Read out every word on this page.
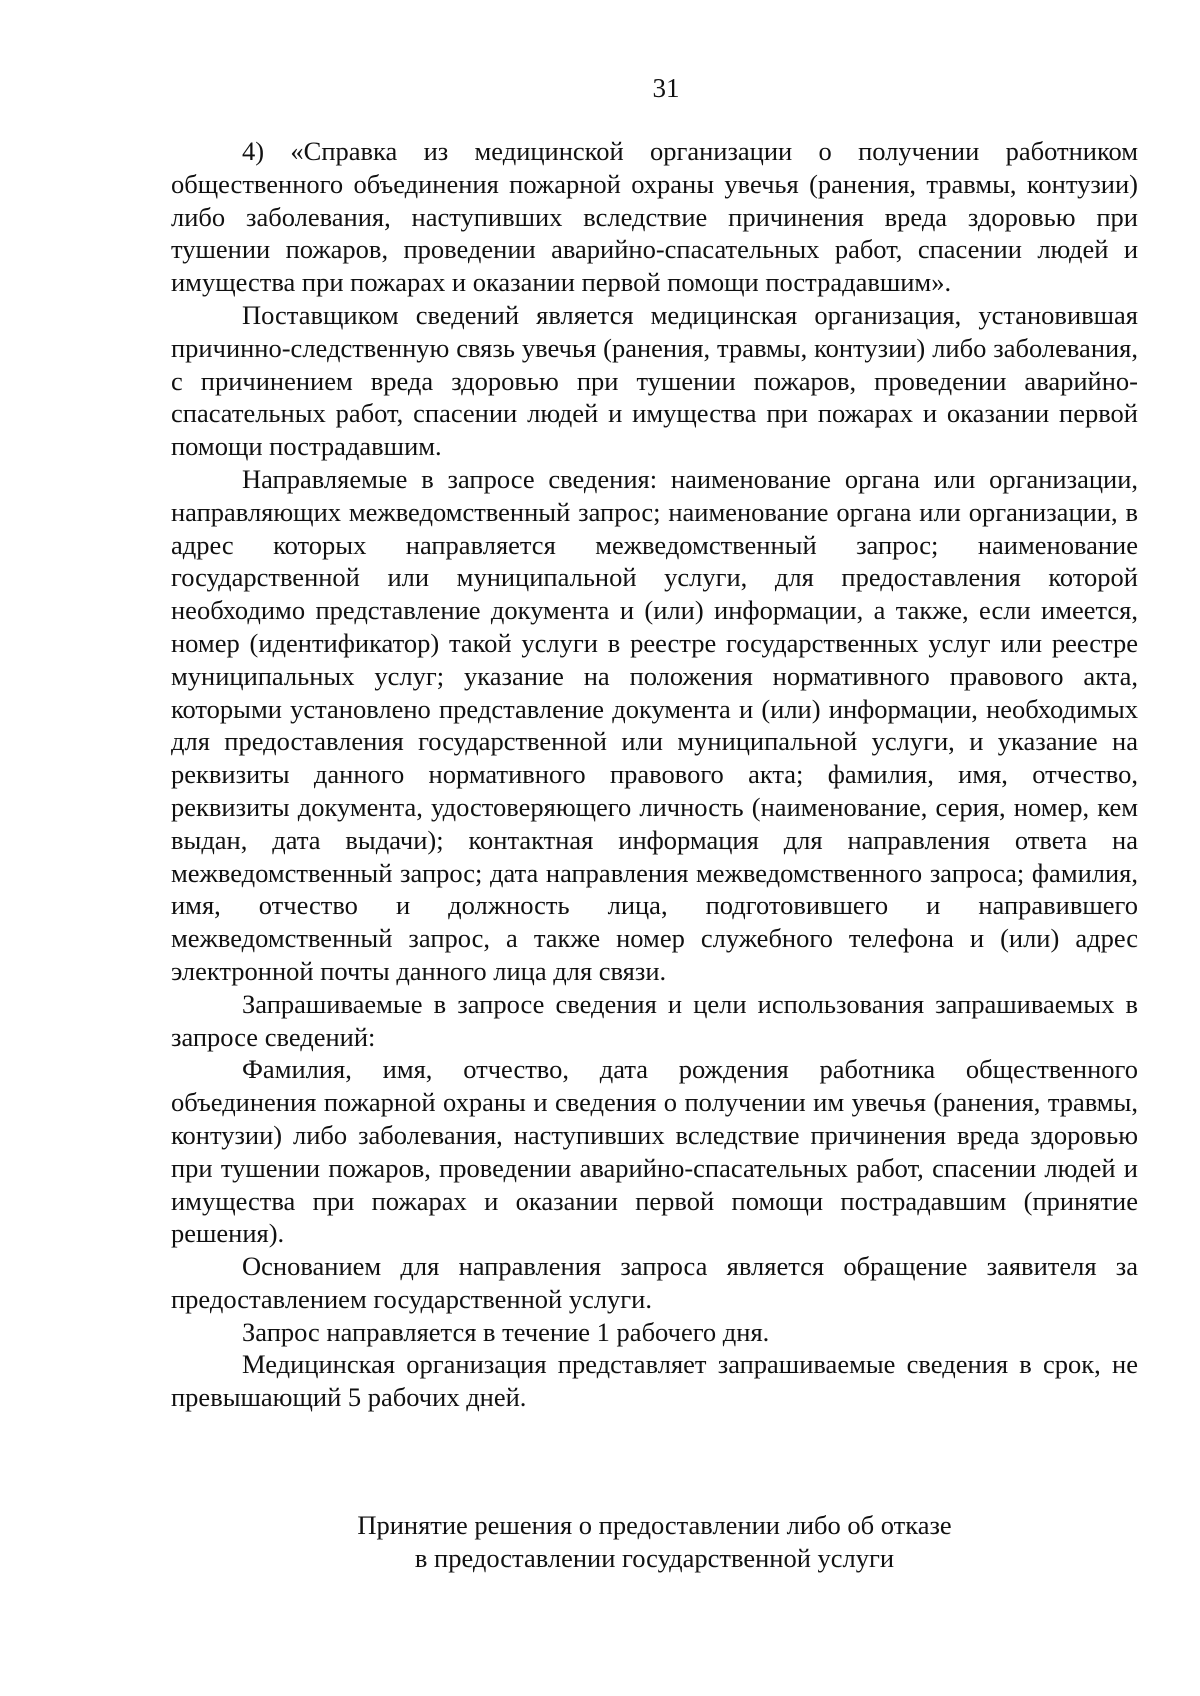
31

4) «Справка из медицинской организации о получении работником общественного объединения пожарной охраны увечья (ранения, травмы, контузии) либо заболевания, наступивших вследствие причинения вреда здоровью при тушении пожаров, проведении аварийно-спасательных работ, спасении людей и имущества при пожарах и оказании первой помощи пострадавшим».

Поставщиком сведений является медицинская организация, установившая причинно-следственную связь увечья (ранения, травмы, контузии) либо заболевания, с причинением вреда здоровью при тушении пожаров, проведении аварийно-спасательных работ, спасении людей и имущества при пожарах и оказании первой помощи пострадавшим.

Направляемые в запросе сведения: наименование органа или организации, направляющих межведомственный запрос; наименование органа или организации, в адрес которых направляется межведомственный запрос; наименование государственной или муниципальной услуги, для предоставления которой необходимо представление документа и (или) информации, а также, если имеется, номер (идентификатор) такой услуги в реестре государственных услуг или реестре муниципальных услуг; указание на положения нормативного правового акта, которыми установлено представление документа и (или) информации, необходимых для предоставления государственной или муниципальной услуги, и указание на реквизиты данного нормативного правового акта; фамилия, имя, отчество, реквизиты документа, удостоверяющего личность (наименование, серия, номер, кем выдан, дата выдачи); контактная информация для направления ответа на межведомственный запрос; дата направления межведомственного запроса; фамилия, имя, отчество и должность лица, подготовившего и направившего межведомственный запрос, а также номер служебного телефона и (или) адрес электронной почты данного лица для связи.

Запрашиваемые в запросе сведения и цели использования запрашиваемых в запросе сведений:

Фамилия, имя, отчество, дата рождения работника общественного объединения пожарной охраны и сведения о получении им увечья (ранения, травмы, контузии) либо заболевания, наступивших вследствие причинения вреда здоровью при тушении пожаров, проведении аварийно-спасательных работ, спасении людей и имущества при пожарах и оказании первой помощи пострадавшим (принятие решения).

Основанием для направления запроса является обращение заявителя за предоставлением государственной услуги.

Запрос направляется в течение 1 рабочего дня.

Медицинская организация представляет запрашиваемые сведения в срок, не превышающий 5 рабочих дней.

Принятие решения о предоставлении либо об отказе
в предоставлении государственной услуги
